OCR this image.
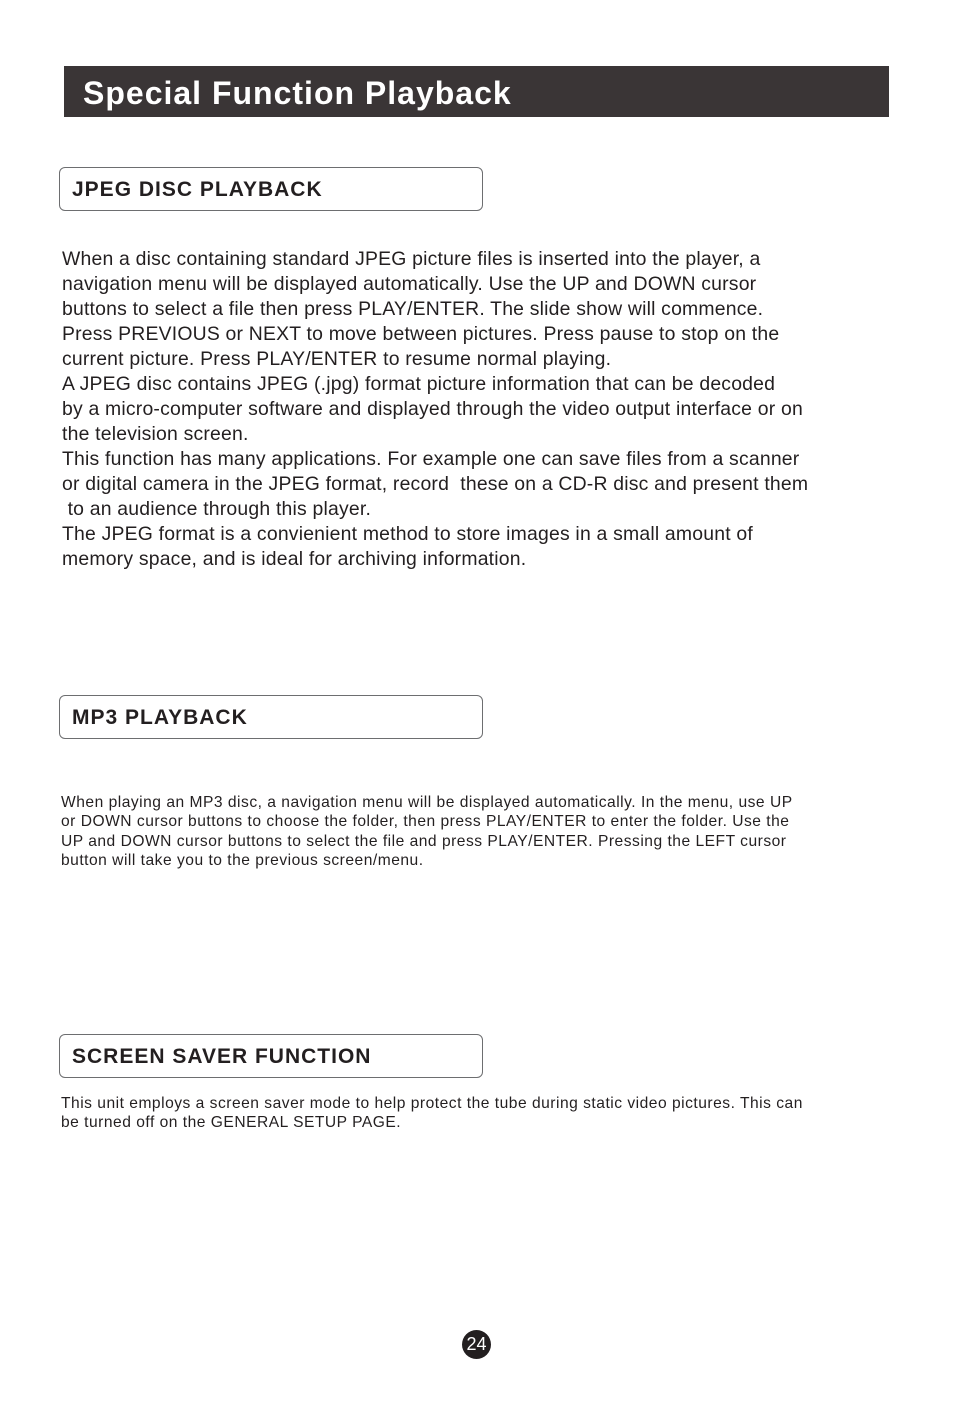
Special Function Playback
JPEG DISC PLAYBACK

When a disc containing standard JPEG picture files is inserted into the player, a

navigation menu will be displayed automatically. Use the UP and DOWN cursor

buttons to select a file then press PLAY/ENTER. The slide show will commence.

Press PREVIOUS or NEXT to move between pictures. Press pause to stop on the

current picture. Press PLAY/ENTER to resume normal playing.

A JPEG disc contains JPEG (.jpg) format picture information that can be decoded

by a micro-computer software and displayed through the video output interface or on

the television screen.

This function has many applications. For example one can save files from a scanner

or digital camera in the JPEG format, record  these on a CD-R disc and present them

to an audience through this player.

The JPEG format is a convienient method to store images in a small amount of

memory space, and is ideal for archiving information.

MP3 PLAYBACK

When playing an MP3 disc, a navigation menu will be displayed automatically. In the menu, use UP

or DOWN cursor buttons to choose the folder, then press PLAY/ENTER to enter the folder. Use the

UP and DOWN cursor buttons to select the file and press PLAY/ENTER. Pressing the LEFT cursor

button will take you to the previous screen/menu.

SCREEN SAVER FUNCTION

This unit employs a screen saver mode to help protect the tube during static video pictures. This can

be turned off on the GENERAL SETUP PAGE.

24
